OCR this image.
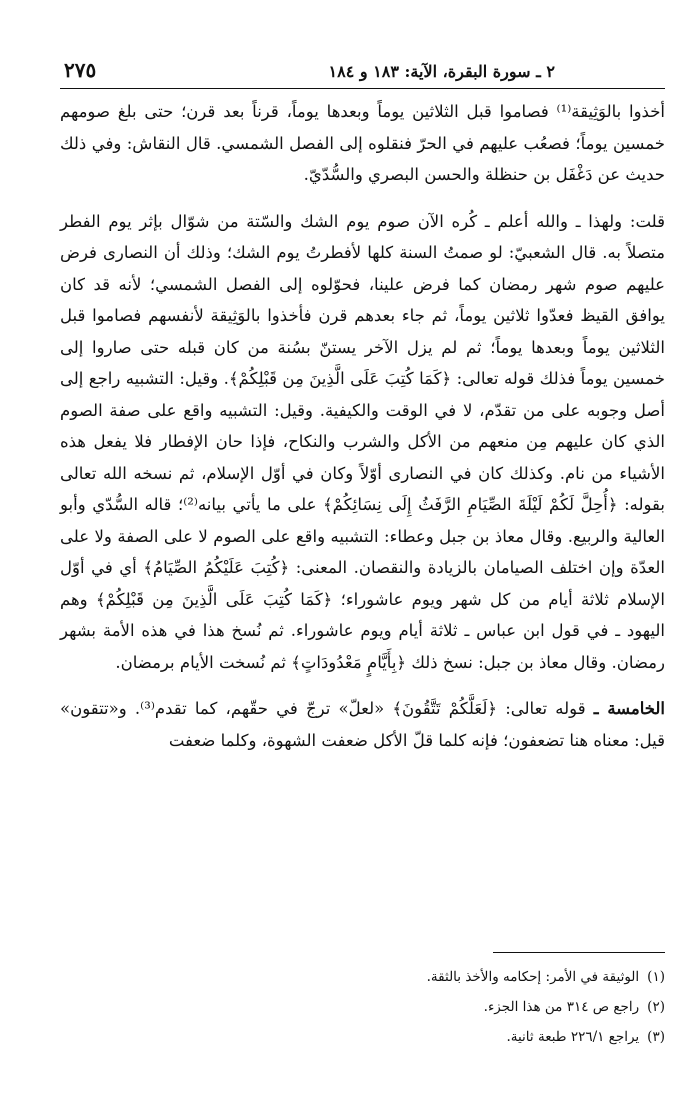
٢ ـ سورة البقرة، الآية: ١٨٣ و ١٨٤
٢٧٥

أخذوا بالوَثِيقة⁽¹⁾ فصاموا قبل الثلاثين يوماً وبعدها يوماً، قرناً بعد قرن؛ حتى بلغ صومهم خمسين يوماً؛ فصعُب عليهم في الحرّ فنقلوه إلى الفصل الشمسي. قال النقاش: وفي ذلك حديث عن دَغْفَل بن حنظلة والحسن البصري والسُّدّيّ.

قلت: ولهذا ـ والله أعلم ـ كُره الآن صوم يوم الشك والسّتة من شوّال بإثر يوم الفطر متصلاً به. قال الشعبيّ: لو صمتُ السنة كلها لأفطرتُ يوم الشك؛ وذلك أن النصارى فرض عليهم صوم شهر رمضان كما فرض علينا، فحوّلوه إلى الفصل الشمسي؛ لأنه قد كان يوافق القيظ فعدّوا ثلاثين يوماً، ثم جاء بعدهم قرن فأخذوا بالوَثِيقة لأنفسهم فصاموا قبل الثلاثين يوماً وبعدها يوماً؛ ثم لم يزل الآخر يستنّ بسُنة من كان قبله حتى صاروا إلى خمسين يوماً فذلك قوله تعالى: ﴿كَمَا كُتِبَ عَلَى الَّذِينَ مِن قَبْلِكُمْ﴾. وقيل: التشبيه راجع إلى أصل وجوبه على من تقدّم، لا في الوقت والكيفية. وقيل: التشبيه واقع على صفة الصوم الذي كان عليهم مِن منعهم من الأكل والشرب والنكاح، فإذا حان الإفطار فلا يفعل هذه الأشياء من نام. وكذلك كان في النصارى أوّلاً وكان في أوّل الإسلام، ثم نسخه الله تعالى بقوله: ﴿أُحِلَّ لَكُمْ لَيْلَةَ الصِّيَامِ الرَّفَثُ إِلَى نِسَائِكُمْ﴾ على ما يأتي بيانه⁽²⁾؛ قاله السُّدّي وأبو العالية والربيع. وقال معاذ بن جبل وعطاء: التشبيه واقع على الصوم لا على الصفة ولا على العدّة وإن اختلف الصيامان بالزيادة والنقصان. المعنى: ﴿كُتِبَ عَلَيْكُمُ الصِّيَامُ﴾ أي في أوّل الإسلام ثلاثة أيام من كل شهر ويوم عاشوراء؛ ﴿كَمَا كُتِبَ عَلَى الَّذِينَ مِن قَبْلِكُمْ﴾ وهم اليهود ـ في قول ابن عباس ـ ثلاثة أيام ويوم عاشوراء. ثم نُسخ هذا في هذه الأمة بشهر رمضان. وقال معاذ بن جبل: نسخ ذلك ﴿بِأَيَّامٍ مَعْدُودَاتٍ﴾ ثم نُسخت الأيام برمضان.

الخامسة ـ قوله تعالى: ﴿لَعَلَّكُمْ تَتَّقُونَ﴾ «لعلّ» ترجّ في حقّهم، كما تقدم⁽³⁾. و«تتقون» قيل: معناه هنا تضعفون؛ فإنه كلما قلّ الأكل ضعفت الشهوة، وكلما ضعفت

(١)الوثيقة في الأمر: إحكامه والأخذ بالثقة.
(٢)راجع ص ٣١٤ من هذا الجزء.
(٣)يراجع ٢٢٦/١ طبعة ثانية.
